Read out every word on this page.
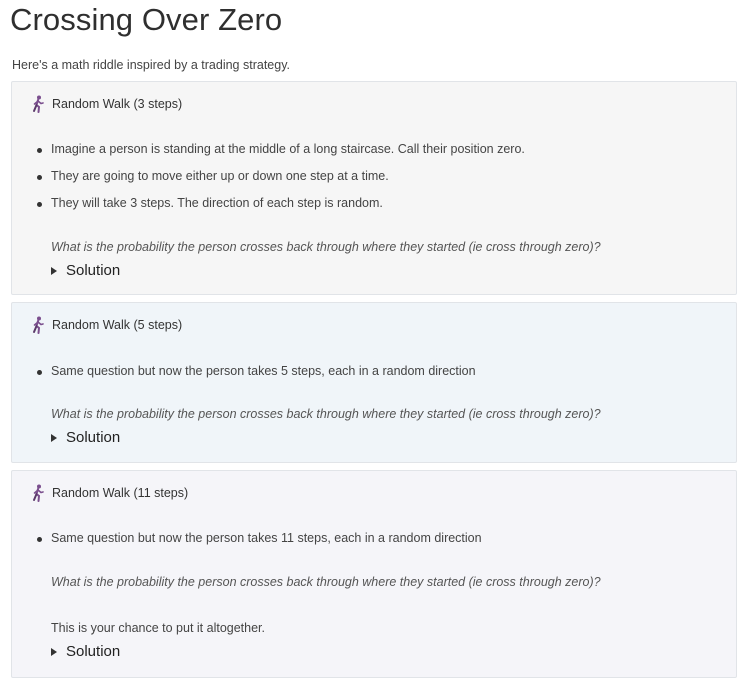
Crossing Over Zero
Here's a math riddle inspired by a trading strategy.
Random Walk (3 steps)
Imagine a person is standing at the middle of a long staircase. Call their position zero.
They are going to move either up or down one step at a time.
They will take 3 steps. The direction of each step is random.
What is the probability the person crosses back through where they started (ie cross through zero)?
Solution
Random Walk (5 steps)
Same question but now the person takes 5 steps, each in a random direction
What is the probability the person crosses back through where they started (ie cross through zero)?
Solution
Random Walk (11 steps)
Same question but now the person takes 11 steps, each in a random direction
What is the probability the person crosses back through where they started (ie cross through zero)?
This is your chance to put it altogether.
Solution
